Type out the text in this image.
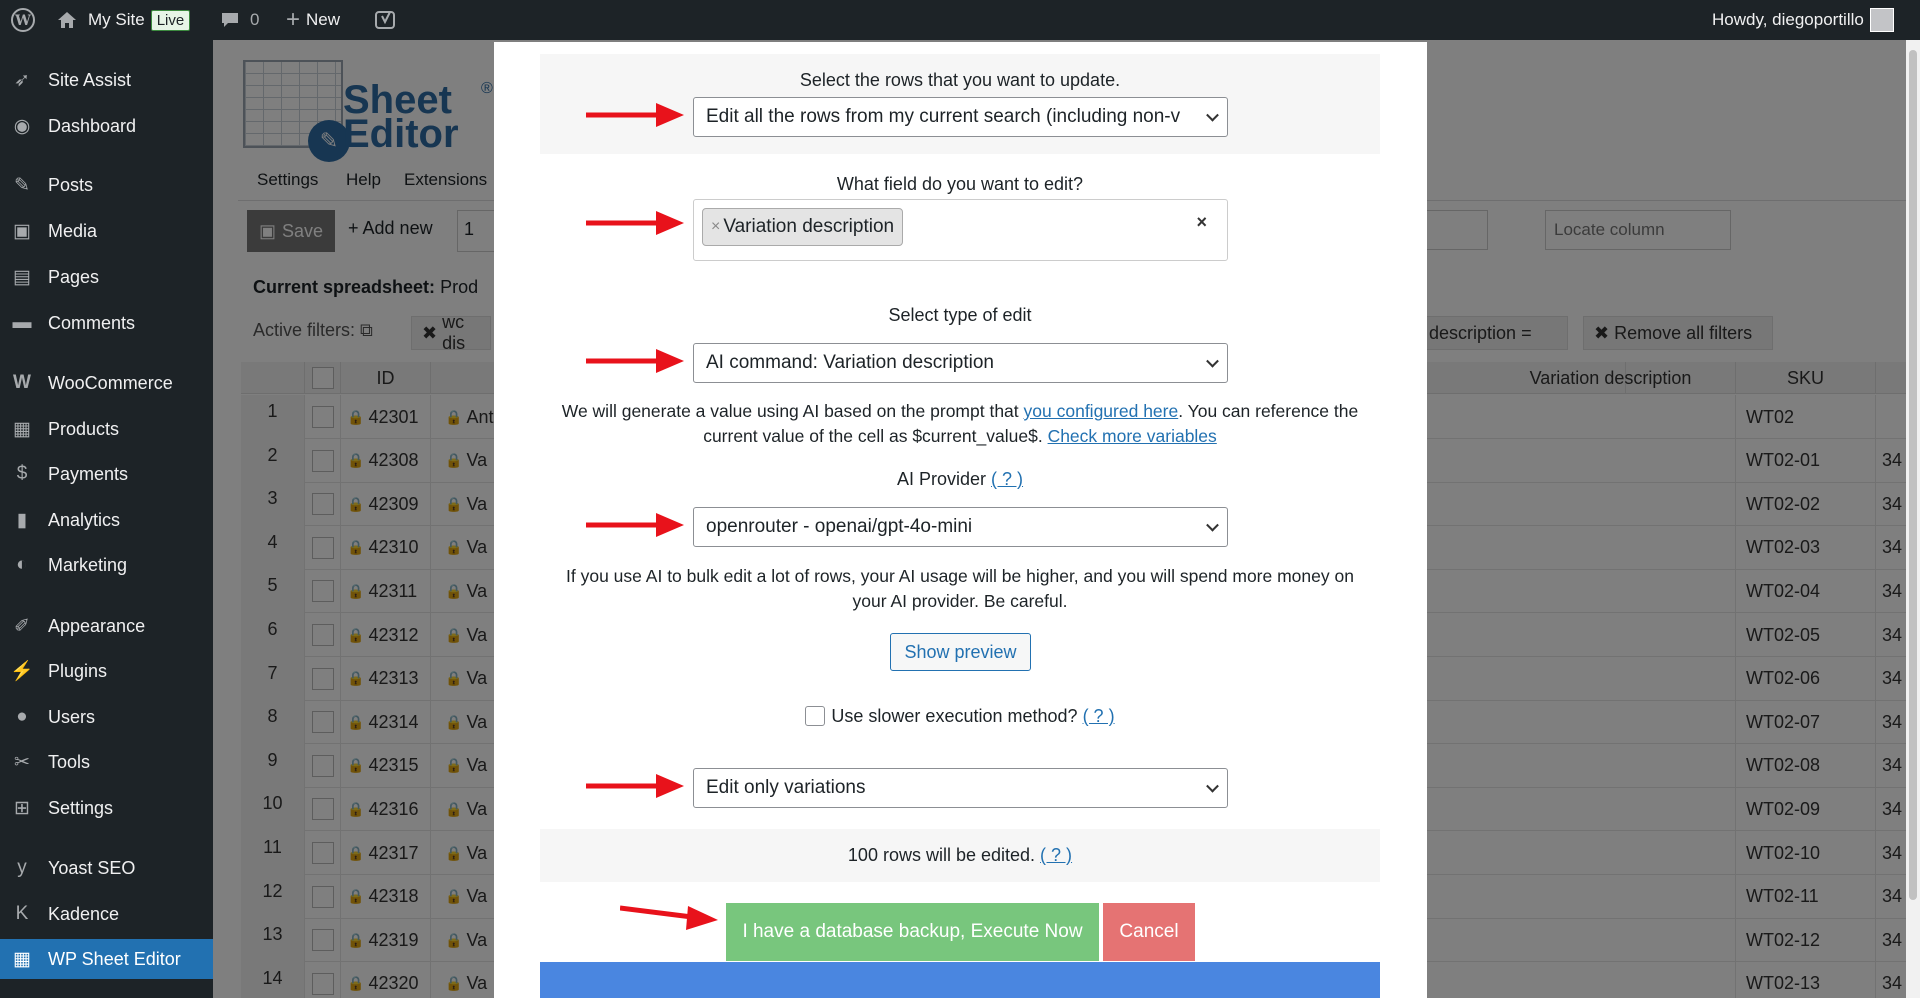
W	My Site Live	0 + New	Howdy, diegoportillo
➶ Site Assist
◉ Dashboard
✎ Posts
▣ Media
▤ Pages
▬ Comments
W WooCommerce
▦ Products
$	Payments
▮	Analytics
◐	Marketing
✐ Appearance
⚡ Plugins
●	Users
✂ Tools
⊞ Settings
y	Yoast SEO
K	Kadence
▦ WP Sheet Editor
Select the rows that you want to update.
Edit all the rows from my current search (including non-v
What field do you want to edit?
× Variation description	×
Select type of edit
AI command: Variation description
We will generate a value using AI based on the prompt that you configured here. You can reference the current value of the cell as $current_value$. Check more variables
AI Provider ( ? )
openrouter - openai/gpt-4o-mini
If you use AI to bulk edit a lot of rows, your AI usage will be higher, and you will spend more money on your AI provider. Be careful.
Show preview
Use slower execution method? ( ? )
Edit only variations
100 rows will be edited. ( ? )
I have a database backup, Execute Now	Cancel
